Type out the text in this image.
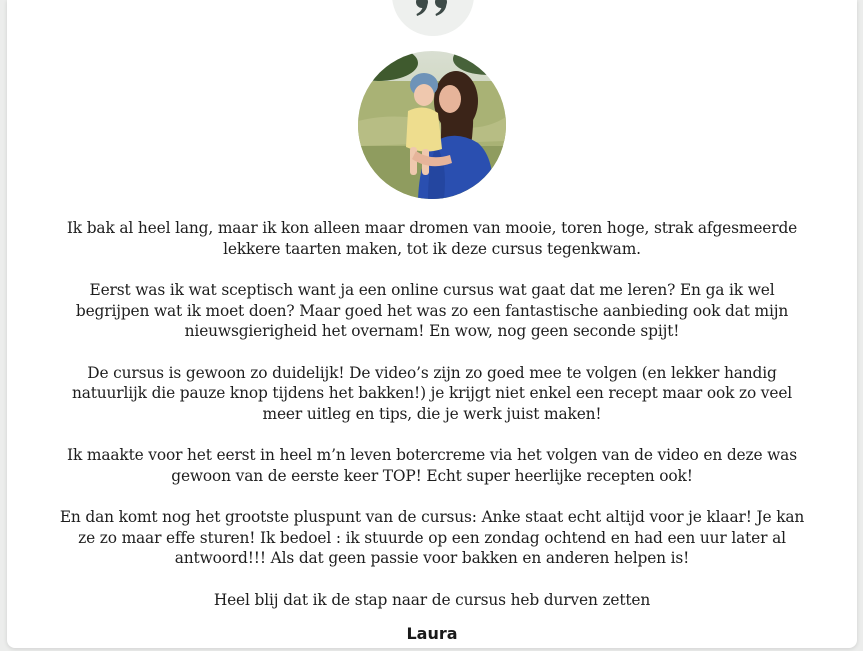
Ik bak al heel lang, maar ik kon alleen maar dromen van mooie, toren hoge, strak afgesmeerde
lekkere taarten maken, tot ik deze cursus tegenkwam.

Eerst was ik wat sceptisch want ja een online cursus wat gaat dat me leren? En ga ik wel
begrijpen wat ik moet doen? Maar goed het was zo een fantastische aanbieding ook dat mijn
nieuwsgierigheid het overnam! En wow, nog geen seconde spijt!

De cursus is gewoon zo duidelijk! De video’s zijn zo goed mee te volgen (en lekker handig
natuurlijk die pauze knop tijdens het bakken!) je krijgt niet enkel een recept maar ook zo veel
meer uitleg en tips, die je werk juist maken!

Ik maakte voor het eerst in heel m’n leven botercreme via het volgen van de video en deze was
gewoon van de eerste keer TOP! Echt super heerlijke recepten ook!

En dan komt nog het grootste pluspunt van de cursus: Anke staat echt altijd voor je klaar! Je kan
ze zo maar effe sturen! Ik bedoel : ik stuurde op een zondag ochtend en had een uur later al
antwoord!!! Als dat geen passie voor bakken en anderen helpen is!

Heel blij dat ik de stap naar de cursus heb durven zetten

Laura
